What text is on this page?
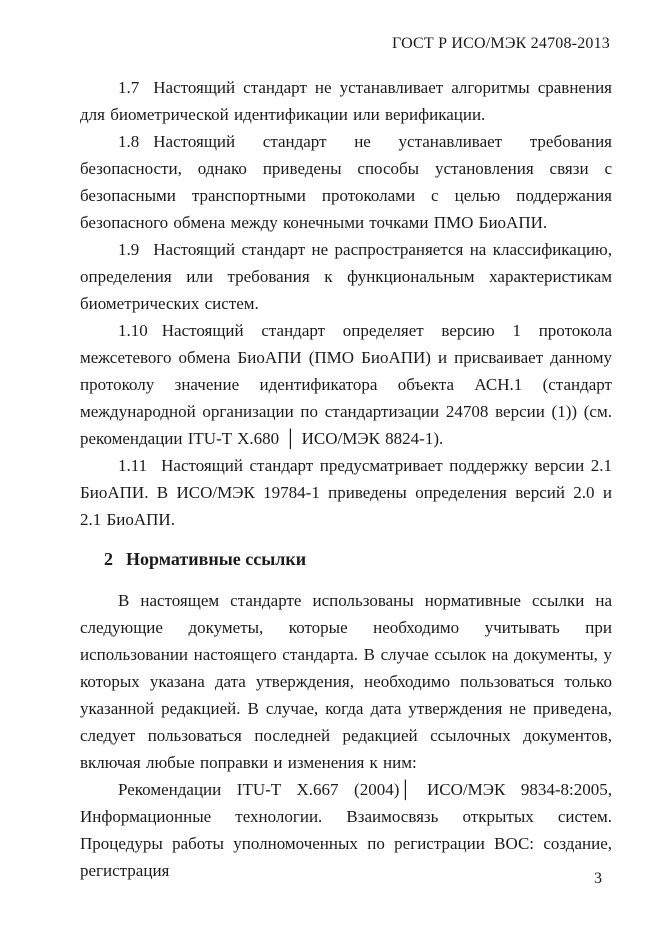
ГОСТ Р ИСО/МЭК 24708-2013

1.7 Настоящий стандарт не устанавливает алгоритмы сравнения для биометрической идентификации или верификации.

1.8 Настоящий стандарт не устанавливает требования безопасности, однако приведены способы установления связи с безопасными транспортными протоколами с целью поддержания безопасного обмена между конечными точками ПМО БиоАПИ.

1.9 Настоящий стандарт не распространяется на классификацию, определения или требования к функциональным характеристикам биометрических систем.

1.10 Настоящий стандарт определяет версию 1 протокола межсетевого обмена БиоАПИ (ПМО БиоАПИ) и присваивает данному протоколу значение идентификатора объекта АСН.1 (стандарт международной организации по стандартизации 24708 версии (1)) (см. рекомендации ITU-T X.680 │ ИСО/МЭК 8824-1).

1.11 Настоящий стандарт предусматривает поддержку версии 2.1 БиоАПИ. В ИСО/МЭК 19784-1 приведены определения версий 2.0 и 2.1 БиоАПИ.

2 Нормативные ссылки

В настоящем стандарте использованы нормативные ссылки на следующие докуметы, которые необходимо учитывать при использовании настоящего стандарта. В случае ссылок на документы, у которых указана дата утверждения, необходимо пользоваться только указанной редакцией. В случае, когда дата утверждения не приведена, следует пользоваться последней редакцией ссылочных документов, включая любые поправки и изменения к ним:

Рекомендации ITU-T X.667 (2004)│ ИСО/МЭК 9834-8:2005, Информационные технологии. Взаимосвязь открытых систем. Процедуры работы уполномоченных по регистрации ВОС: создание, регистрация	3
